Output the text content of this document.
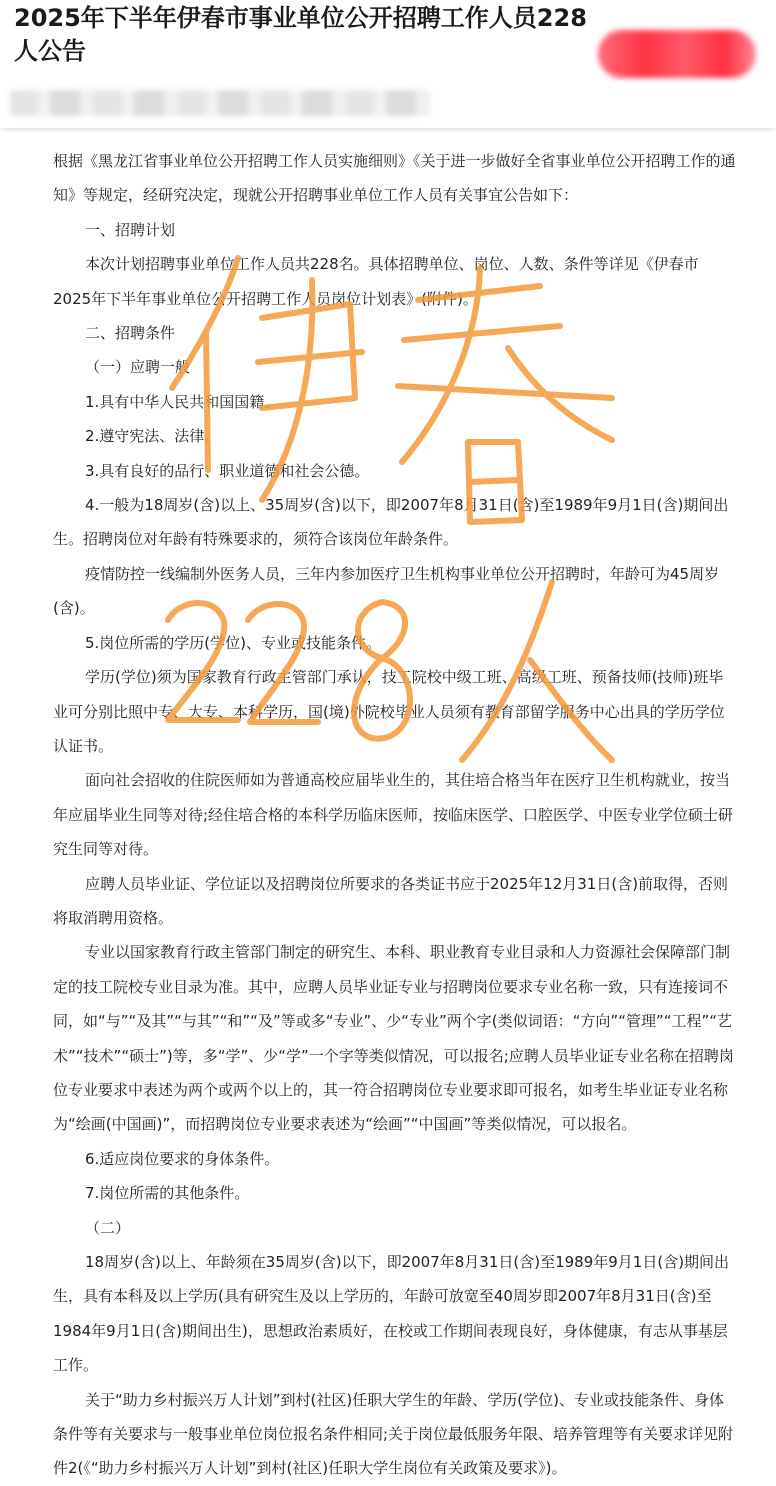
2025年下半年伊春市事业单位公开招聘工作人员228人公告

根据《黑龙江省事业单位公开招聘工作人员实施细则》《关于进一步做好全省事业单位公开招聘工作的通知》等规定，经研究决定，现就公开招聘事业单位工作人员有关事宜公告如下：

一、招聘计划

本次计划招聘事业单位工作人员共228名。具体招聘单位、岗位、人数、条件等详见《伊春市2025年下半年事业单位公开招聘工作人员岗位计划表》(附件)。

二、招聘条件

（一）应聘一般

1.具有中华人民共和国国籍。

2.遵守宪法、法律。

3.具有良好的品行、职业道德和社会公德。

4.一般为18周岁(含)以上、35周岁(含)以下，即2007年8月31日(含)至1989年9月1日(含)期间出生。招聘岗位对年龄有特殊要求的，须符合该岗位年龄条件。

疫情防控一线编制外医务人员，三年内参加医疗卫生机构事业单位公开招聘时，年龄可为45周岁(含)。

5.岗位所需的学历(学位)、专业或技能条件。

学历(学位)须为国家教育行政主管部门承认，技工院校中级工班、高级工班、预备技师(技师)班毕业可分别比照中专、大专、本科学历，国(境)外院校毕业人员须有教育部留学服务中心出具的学历学位认证书。

面向社会招收的住院医师如为普通高校应届毕业生的，其住培合格当年在医疗卫生机构就业，按当年应届毕业生同等对待;经住培合格的本科学历临床医师，按临床医学、口腔医学、中医专业学位硕士研究生同等对待。

应聘人员毕业证、学位证以及招聘岗位所要求的各类证书应于2025年12月31日(含)前取得，否则将取消聘用资格。

专业以国家教育行政主管部门制定的研究生、本科、职业教育专业目录和人力资源社会保障部门制定的技工院校专业目录为准。其中，应聘人员毕业证专业与招聘岗位要求专业名称一致，只有连接词不同，如“与”“及其”“与其”“和”“及”等或多“专业”、少“专业”两个字(类似词语：“方向”“管理”“工程”“艺术”“技术”“硕士”)等，多“学”、少“学”一个字等类似情况，可以报名;应聘人员毕业证专业名称在招聘岗位专业要求中表述为两个或两个以上的，其一符合招聘岗位专业要求即可报名，如考生毕业证专业名称为“绘画(中国画)”，而招聘岗位专业要求表述为“绘画”“中国画”等类似情况，可以报名。

6.适应岗位要求的身体条件。

7.岗位所需的其他条件。

（二）

18周岁(含)以上、年龄须在35周岁(含)以下，即2007年8月31日(含)至1989年9月1日(含)期间出生，具有本科及以上学历(具有研究生及以上学历的，年龄可放宽至40周岁即2007年8月31日(含)至1984年9月1日(含)期间出生)，思想政治素质好，在校或工作期间表现良好，身体健康，有志从事基层工作。

关于“助力乡村振兴万人计划”到村(社区)任职大学生的年龄、学历(学位)、专业或技能条件、身体条件等有关要求与一般事业单位岗位报名条件相同;关于岗位最低服务年限、培养管理等有关要求详见附件2(《“助力乡村振兴万人计划”到村(社区)任职大学生岗位有关政策及要求》)。
